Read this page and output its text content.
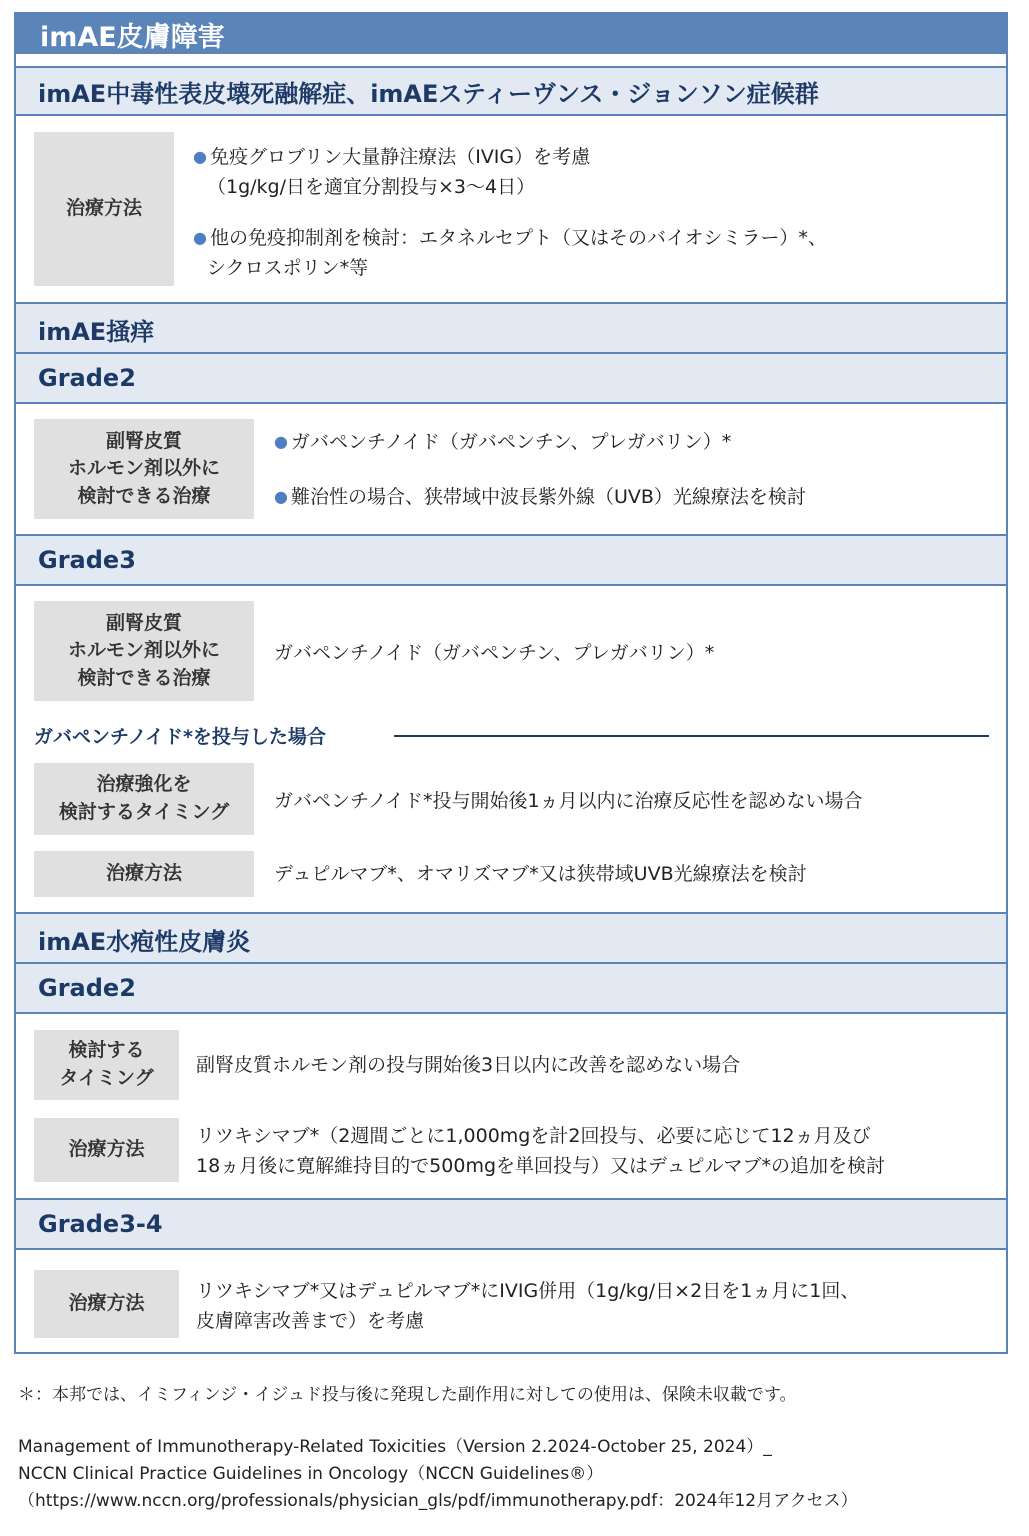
imAE皮膚障害
imAE中毒性表皮壊死融解症、imAEスティーヴンス・ジョンソン症候群
治療方法
● 免疫グロブリン大量静注療法（IVIG）を考慮
（1g/kg/日を適宜分割投与×3～4日）
● 他の免疫抑制剤を検討：エタネルセプト（又はそのバイオシミラー）*、
シクロスポリン*等
imAE掻痒
Grade2
副腎皮質
ホルモン剤以外に
検討できる治療
● ガバペンチノイド（ガバペンチン、プレガバリン）*
● 難治性の場合、狭帯域中波長紫外線（UVB）光線療法を検討
Grade3
副腎皮質
ホルモン剤以外に
検討できる治療
ガバペンチノイド（ガバペンチン、プレガバリン）*
ガバペンチノイド*を投与した場合
治療強化を
検討するタイミング	ガバペンチノイド*投与開始後1ヵ月以内に治療反応性を認めない場合
治療方法	デュピルマブ*、オマリズマブ*又は狭帯域UVB光線療法を検討
imAE水疱性皮膚炎
Grade2
検討する
タイミング
副腎皮質ホルモン剤の投与開始後3日以内に改善を認めない場合
治療方法
リツキシマブ*（2週間ごとに1,000mgを計2回投与、必要に応じて12ヵ月及び
18ヵ月後に寛解維持目的で500mgを単回投与）又はデュピルマブ*の追加を検討
Grade3-4
治療方法
リツキシマブ*又はデュピルマブ*にIVIG併用（1g/kg/日×2日を1ヵ月に1回、
皮膚障害改善まで）を考慮
＊：本邦では、イミフィンジ・イジュド投与後に発現した副作用に対しての使用は、保険未収載です。
Management of Immunotherapy-Related Toxicities（Version 2.2024-October 25, 2024）_
NCCN Clinical Practice Guidelines in Oncology（NCCN Guidelines®）
（https://www.nccn.org/professionals/physician_gls/pdf/immunotherapy.pdf：2024年12月アクセス）
